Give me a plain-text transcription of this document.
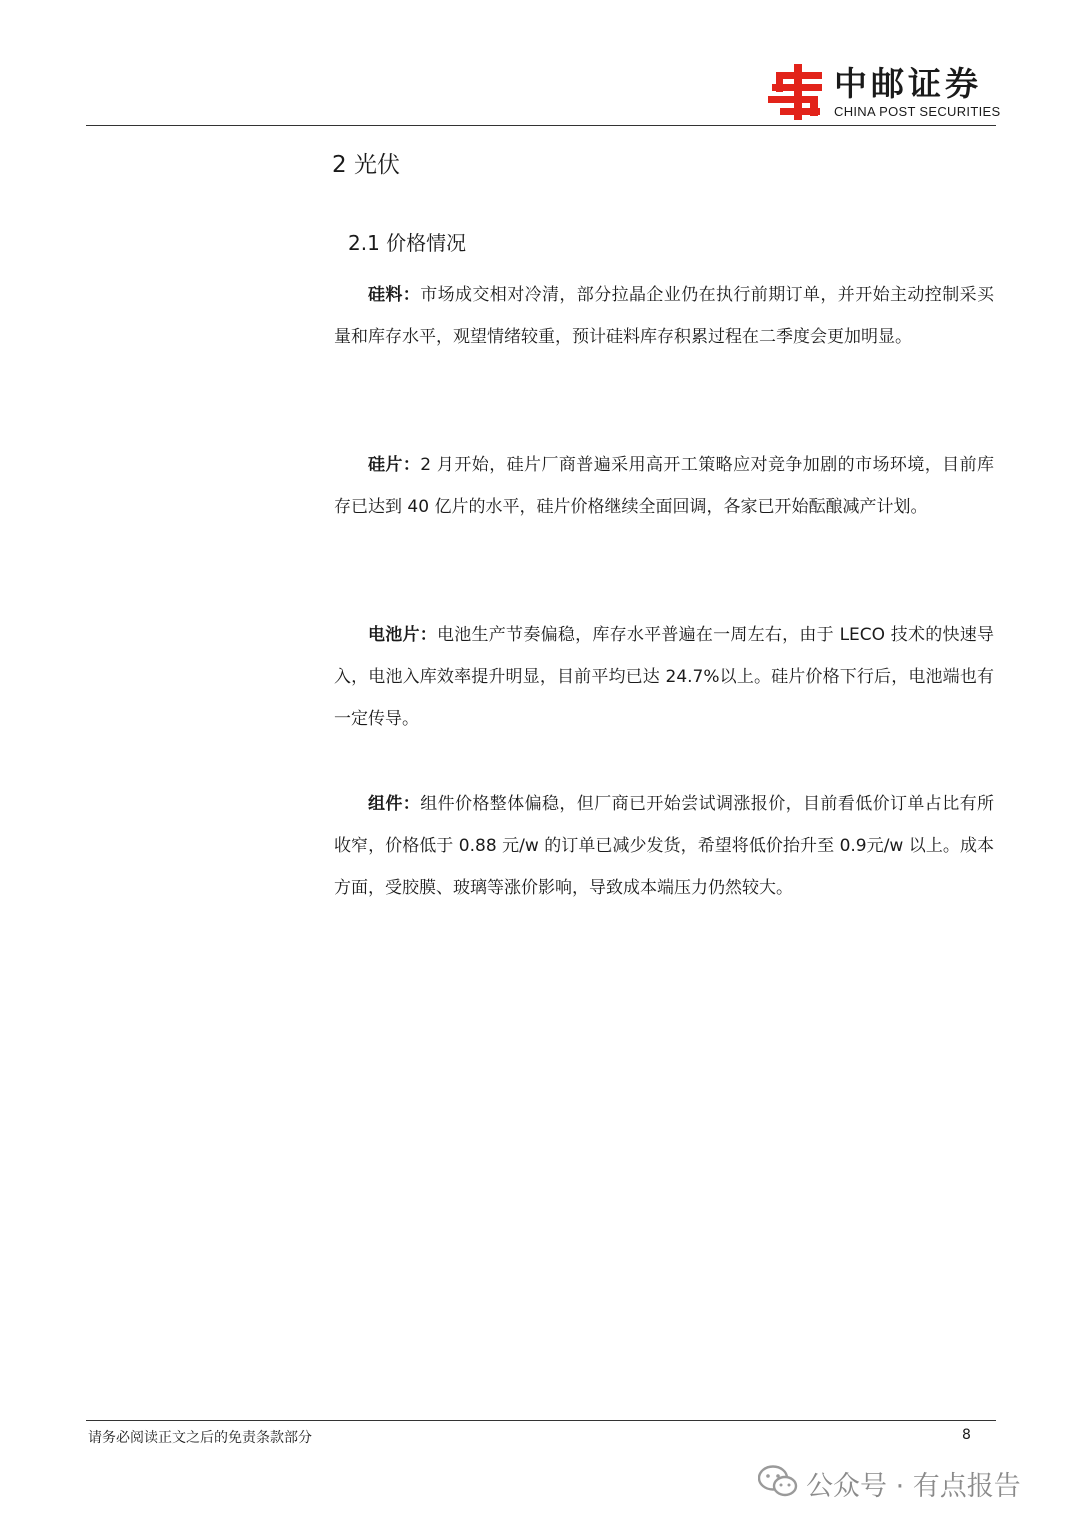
中邮证券
CHINA POST SECURITIES
2 光伏
2.1 价格情况
硅料：市场成交相对冷清，部分拉晶企业仍在执行前期订单，并开始主动控制采买量和库存水平，观望情绪较重，预计硅料库存积累过程在二季度会更加明显。
硅片：2 月开始，硅片厂商普遍采用高开工策略应对竞争加剧的市场环境，目前库存已达到 40 亿片的水平，硅片价格继续全面回调，各家已开始酝酿减产计划。
电池片：电池生产节奏偏稳，库存水平普遍在一周左右，由于 LECO 技术的快速导入，电池入库效率提升明显，目前平均已达 24.7%以上。硅片价格下行后，电池端也有一定传导。
组件：组件价格整体偏稳，但厂商已开始尝试调涨报价，目前看低价订单占比有所收窄，价格低于 0.88 元/w 的订单已减少发货，希望将低价抬升至 0.9元/w 以上。成本方面，受胶膜、玻璃等涨价影响，导致成本端压力仍然较大。
请务必阅读正文之后的免责条款部分	8
公众号 · 有点报告
